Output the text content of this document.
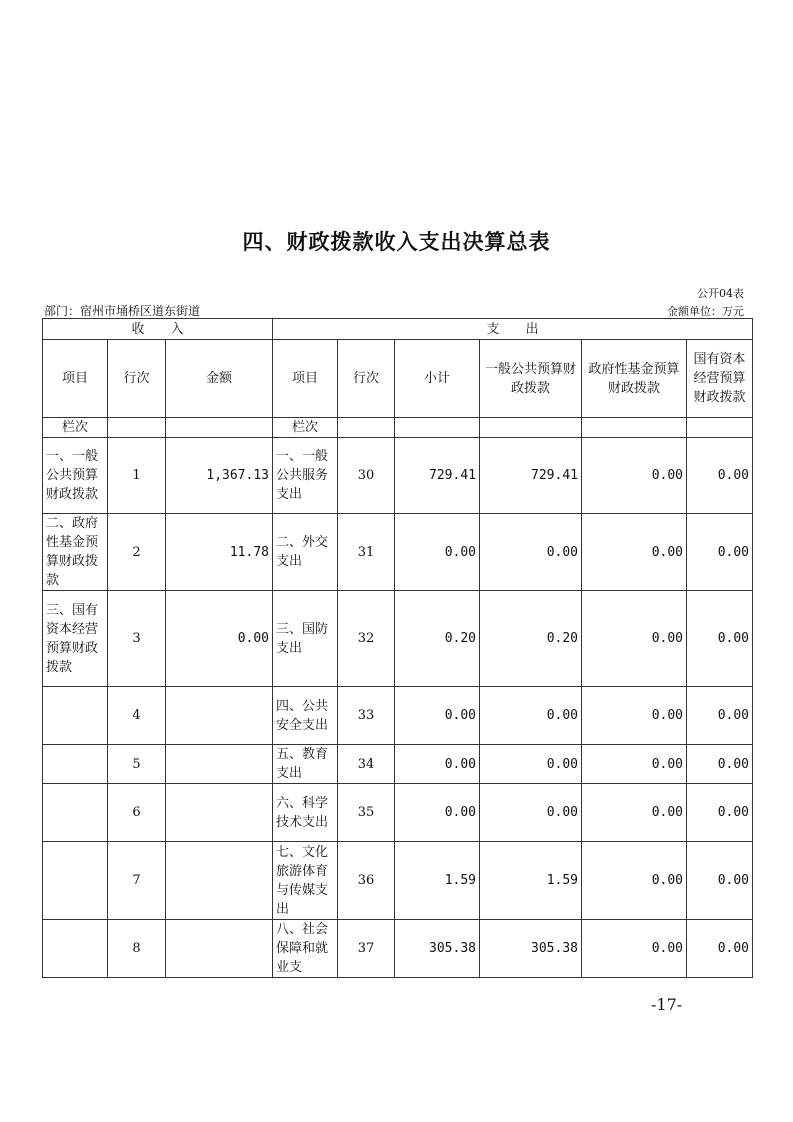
四、财政拨款收入支出决算总表
公开04表
部门：宿州市埇桥区道东街道	金额单位：万元
收　　入			支　　出					
项目	行次	金额	项目	行次	小计	一般公共预算财政拨款	政府性基金预算财政拨款	国有资本经营预算财政拨款
栏次			栏次					
一、一般公共预算财政拨款	1	1,367.13	一、一般公共服务支出	30	729.41	729.41	0.00	0.00
二、政府性基金预算财政拨款	2	11.78	二、外交支出	31	0.00	0.00	0.00	0.00
三、国有资本经营预算财政拨款	3	0.00	三、国防支出	32	0.20	0.20	0.00	0.00
	4		四、公共安全支出	33	0.00	0.00	0.00	0.00
	5		五、教育支出	34	0.00	0.00	0.00	0.00
	6		六、科学技术支出	35	0.00	0.00	0.00	0.00
	7		七、文化旅游体育与传媒支出	36	1.59	1.59	0.00	0.00
	8		八、社会保障和就业支	37	305.38	305.38	0.00	0.00
-17-
